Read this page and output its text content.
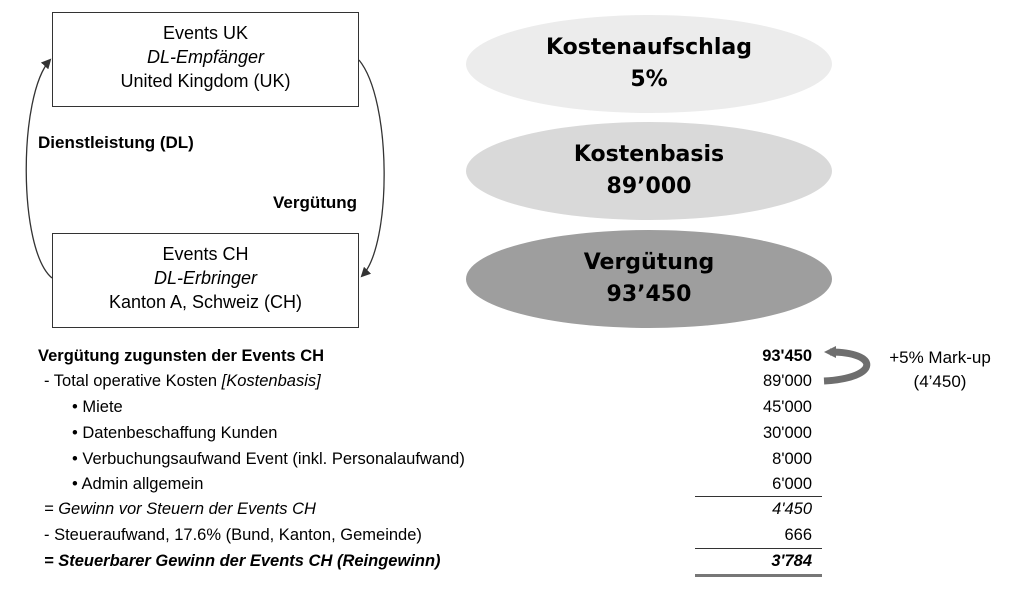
Events UK
DL-Empfänger
United Kingdom (UK)
Events CH
DL-Erbringer
Kanton A, Schweiz (CH)
Dienstleistung (DL)
Vergütung
Kostenaufschlag
5%
Kostenbasis
89’000
Vergütung
93’450
Vergütung zugunsten der Events CH	93'450
- Total operative Kosten [Kostenbasis]	89'000
• Miete	45'000
• Datenbeschaffung Kunden	30'000
• Verbuchungsaufwand Event (inkl. Personalaufwand)	8'000
• Admin allgemein	6'000
= Gewinn vor Steuern der Events CH	4'450
- Steueraufwand, 17.6% (Bund, Kanton, Gemeinde)	666
= Steuerbarer Gewinn der Events CH (Reingewinn)	3'784
+5% Mark-up
(4’450)
